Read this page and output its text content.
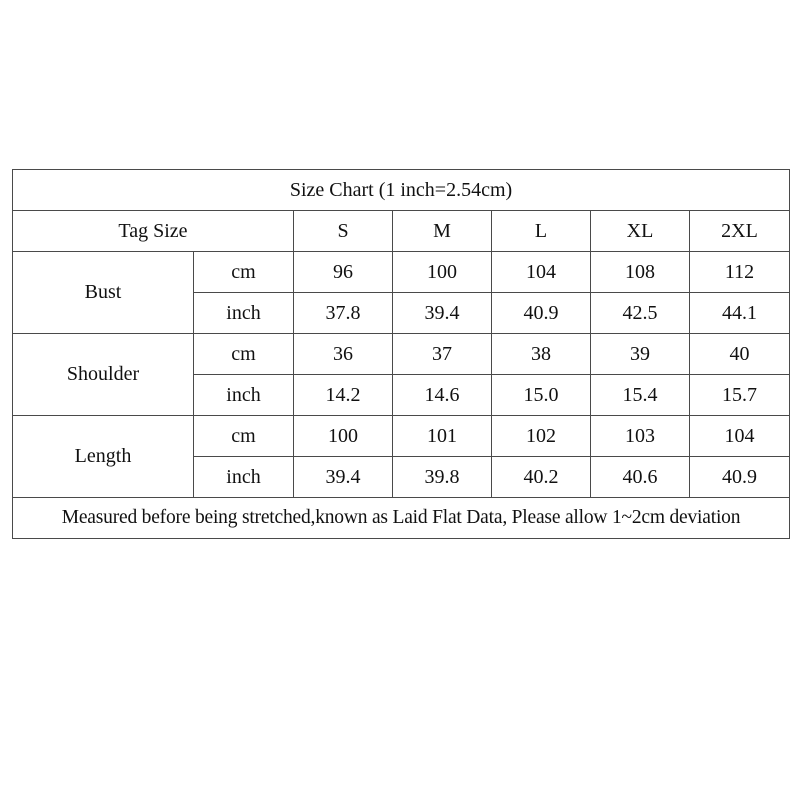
Size Chart (1 inch=2.54cm)						
Tag Size		S	M	L	XL	2XL
Bust	cm	96	100	104	108	112
	inch	37.8	39.4	40.9	42.5	44.1
Shoulder	cm	36	37	38	39	40
	inch	14.2	14.6	15.0	15.4	15.7
Length	cm	100	101	102	103	104
	inch	39.4	39.8	40.2	40.6	40.9
Measured before being stretched,known as Laid Flat Data, Please allow 1~2cm deviation						
